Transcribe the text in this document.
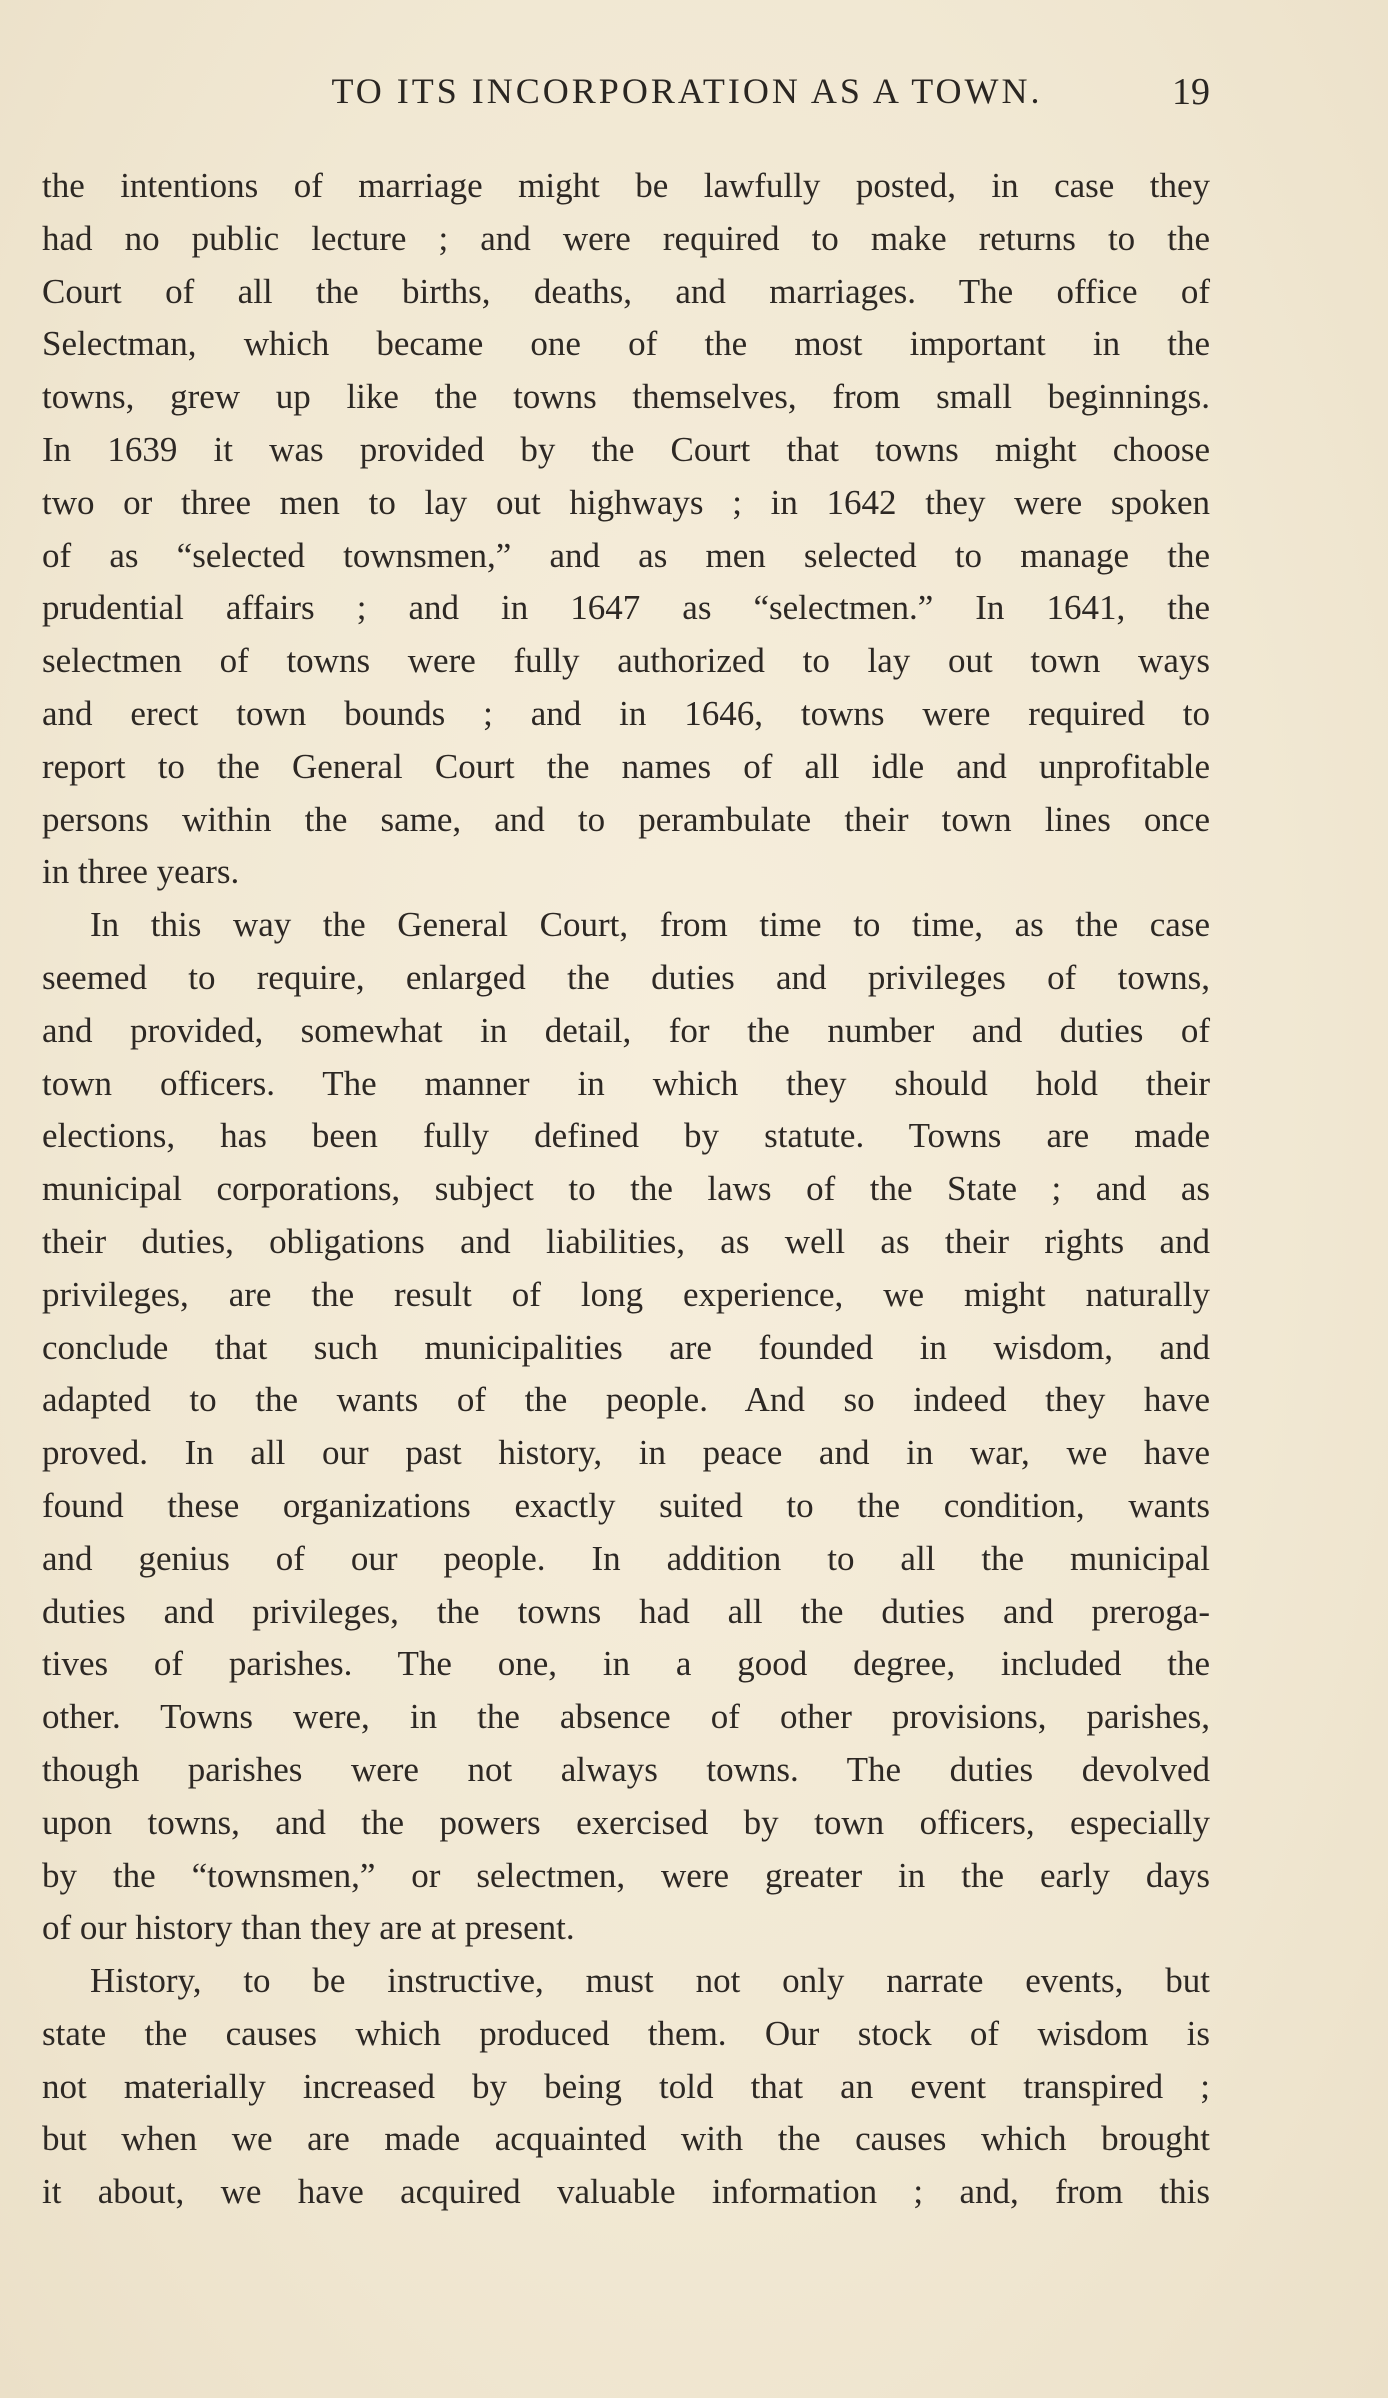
TO ITS INCORPORATION AS A TOWN.	19

the intentions of marriage might be lawfully posted, in case they
had no public lecture ; and were required to make returns to the
Court of all the births, deaths, and marriages. The office of
Selectman, which became one of the most important in the
towns, grew up like the towns themselves, from small beginnings.
In 1639 it was provided by the Court that towns might choose
two or three men to lay out highways ; in 1642 they were spoken
of as “selected townsmen,” and as men selected to manage the
prudential affairs ; and in 1647 as “selectmen.” In 1641, the
selectmen of towns were fully authorized to lay out town ways
and erect town bounds ; and in 1646, towns were required to
report to the General Court the names of all idle and unprofitable
persons within the same, and to perambulate their town lines once
in three years.

In this way the General Court, from time to time, as the case
seemed to require, enlarged the duties and privileges of towns,
and provided, somewhat in detail, for the number and duties of
town officers. The manner in which they should hold their
elections, has been fully defined by statute. Towns are made
municipal corporations, subject to the laws of the State ; and as
their duties, obligations and liabilities, as well as their rights and
privileges, are the result of long experience, we might naturally
conclude that such municipalities are founded in wisdom, and
adapted to the wants of the people. And so indeed they have
proved. In all our past history, in peace and in war, we have
found these organizations exactly suited to the condition, wants
and genius of our people. In addition to all the municipal
duties and privileges, the towns had all the duties and preroga-
tives of parishes. The one, in a good degree, included the
other. Towns were, in the absence of other provisions, parishes,
though parishes were not always towns. The duties devolved
upon towns, and the powers exercised by town officers, especially
by the “townsmen,” or selectmen, were greater in the early days
of our history than they are at present.

History, to be instructive, must not only narrate events, but
state the causes which produced them. Our stock of wisdom is
not materially increased by being told that an event transpired ;
but when we are made acquainted with the causes which brought
it about, we have acquired valuable information ; and, from this
